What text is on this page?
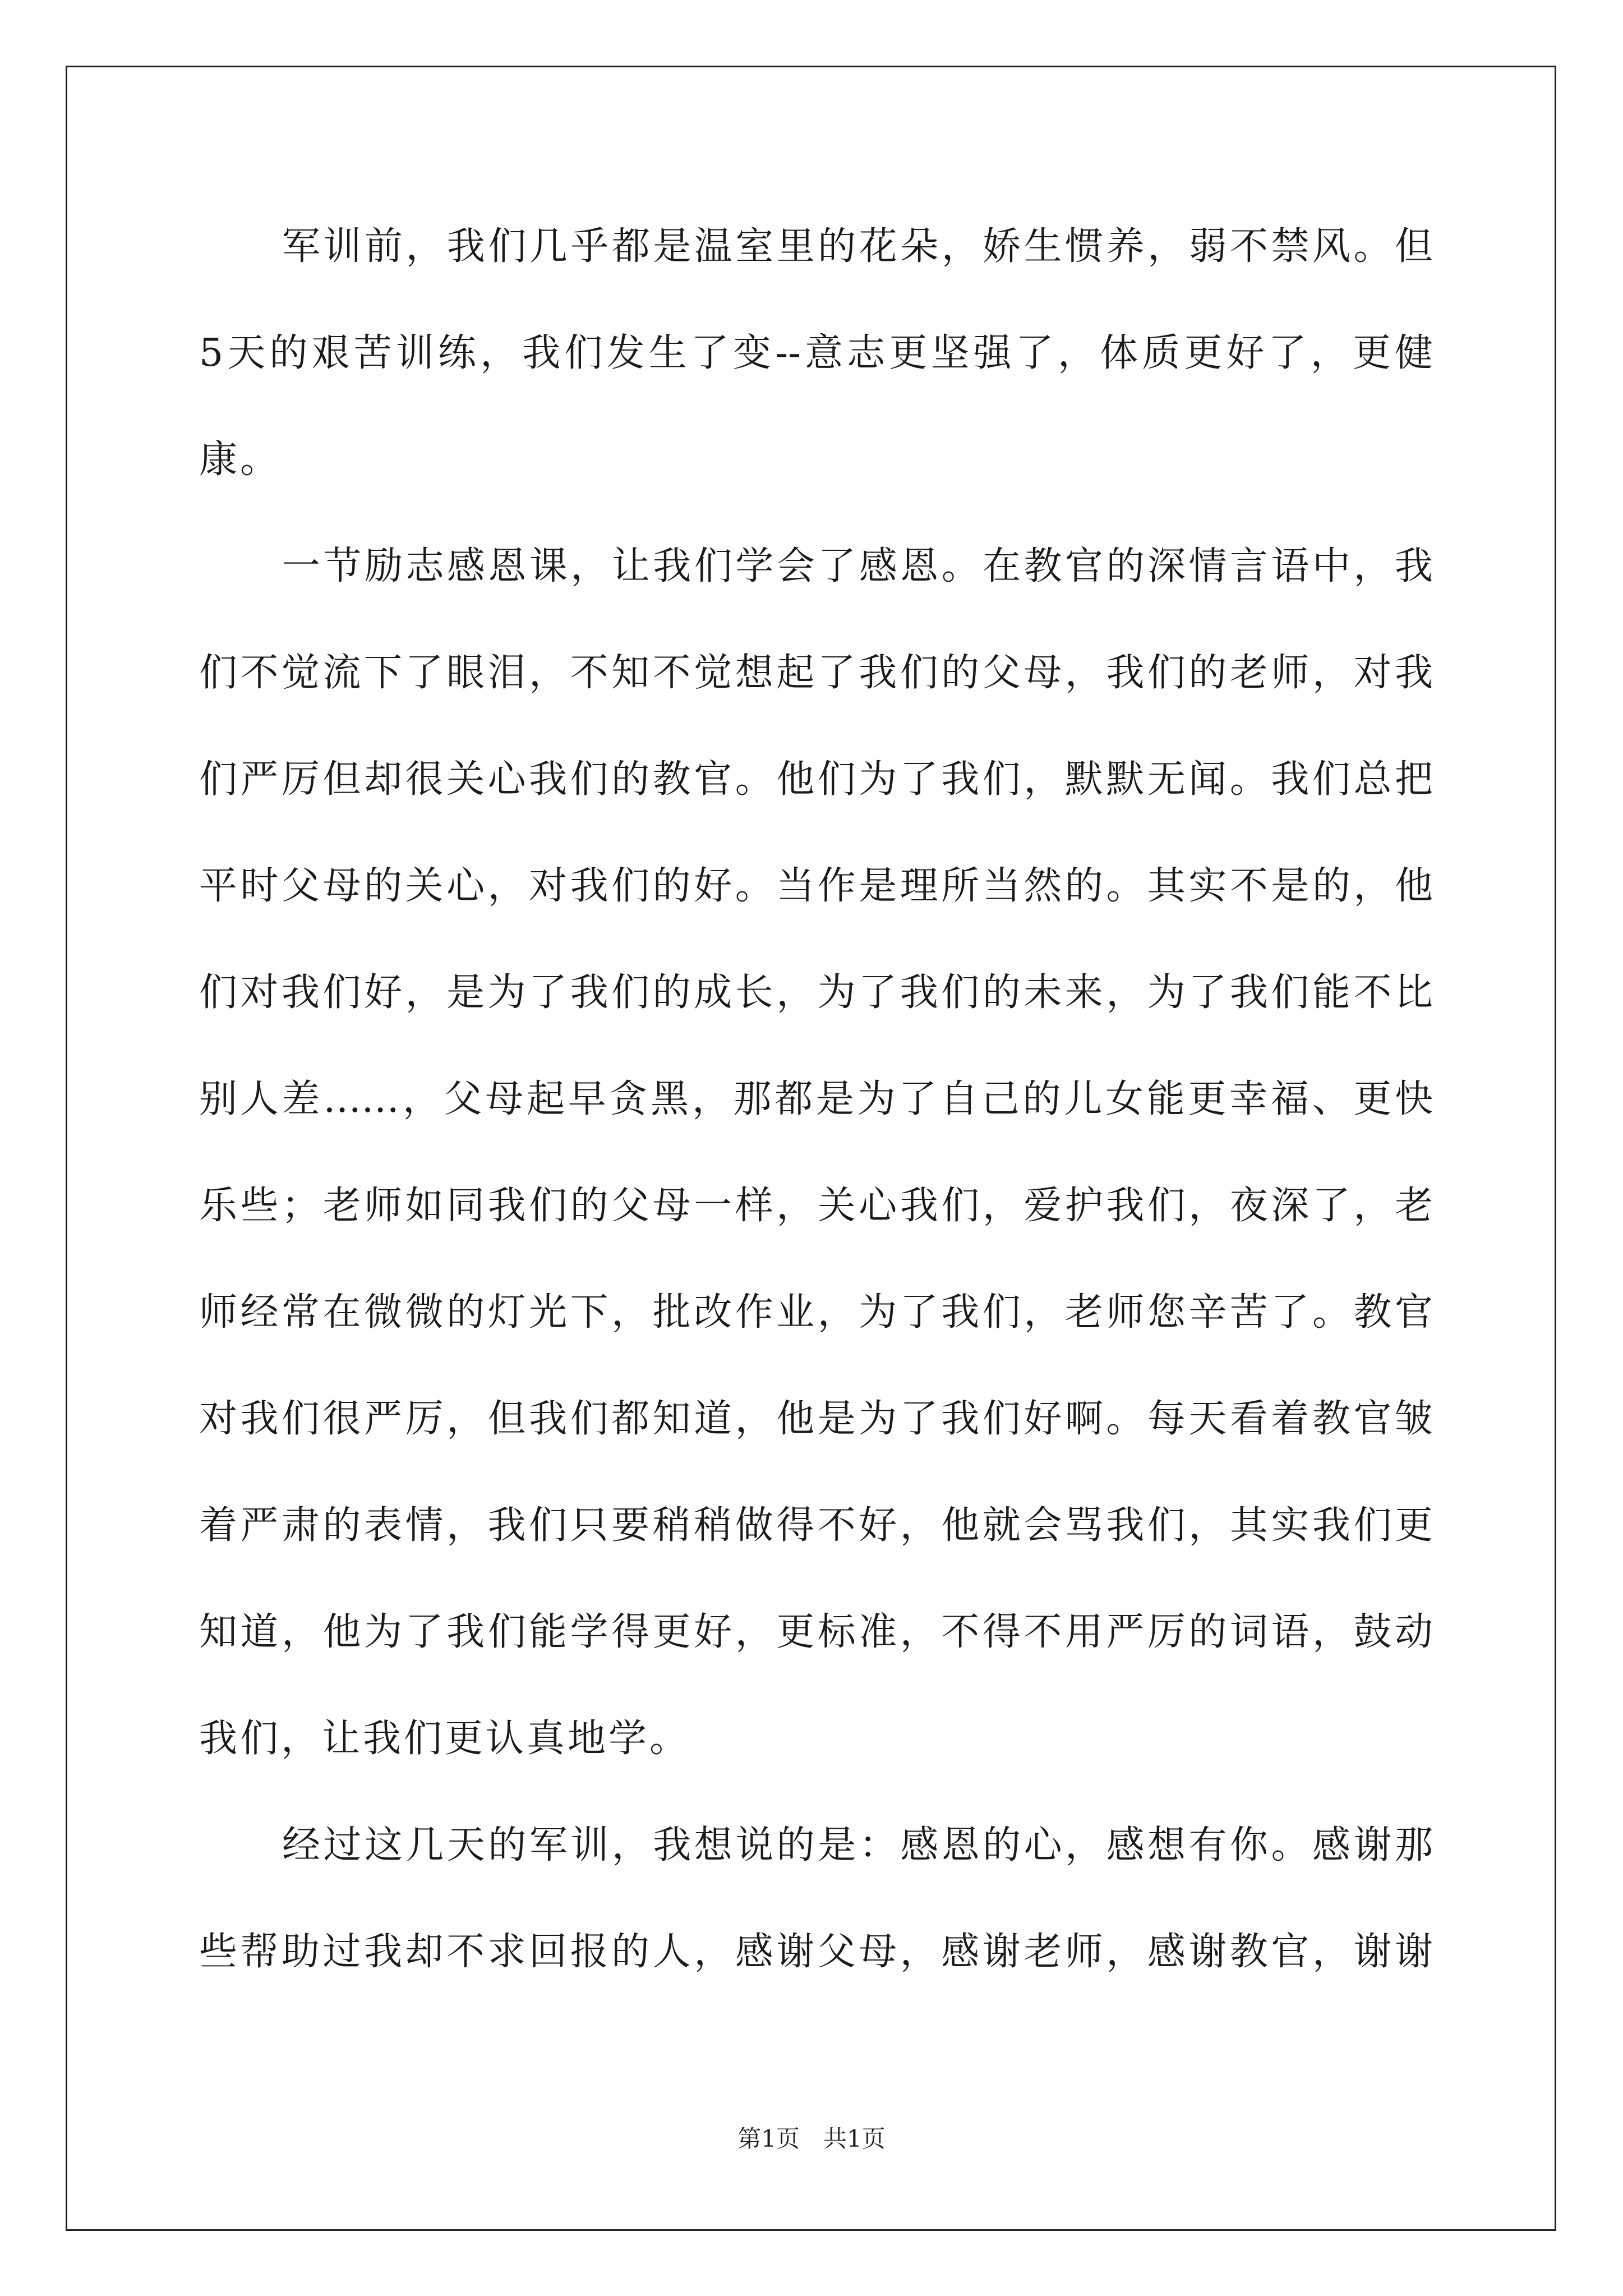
军训前，我们几乎都是温室里的花朵，娇生惯养，弱不禁风。但
5天的艰苦训练，我们发生了变--意志更坚强了，体质更好了，更健
康。
一节励志感恩课，让我们学会了感恩。在教官的深情言语中，我
们不觉流下了眼泪，不知不觉想起了我们的父母，我们的老师，对我
们严厉但却很关心我们的教官。他们为了我们，默默无闻。我们总把
平时父母的关心，对我们的好。当作是理所当然的。其实不是的，他
们对我们好，是为了我们的成长，为了我们的未来，为了我们能不比
别人差……，父母起早贪黑，那都是为了自己的儿女能更幸福、更快
乐些；老师如同我们的父母一样，关心我们，爱护我们，夜深了，老
师经常在微微的灯光下，批改作业，为了我们，老师您辛苦了。教官
对我们很严厉，但我们都知道，他是为了我们好啊。每天看着教官皱
着严肃的表情，我们只要稍稍做得不好，他就会骂我们，其实我们更
知道，他为了我们能学得更好，更标准，不得不用严厉的词语，鼓动
我们，让我们更认真地学。
经过这几天的军训，我想说的是：感恩的心，感想有你。感谢那
些帮助过我却不求回报的人，感谢父母，感谢老师，感谢教官，谢谢
第1页　共1页
